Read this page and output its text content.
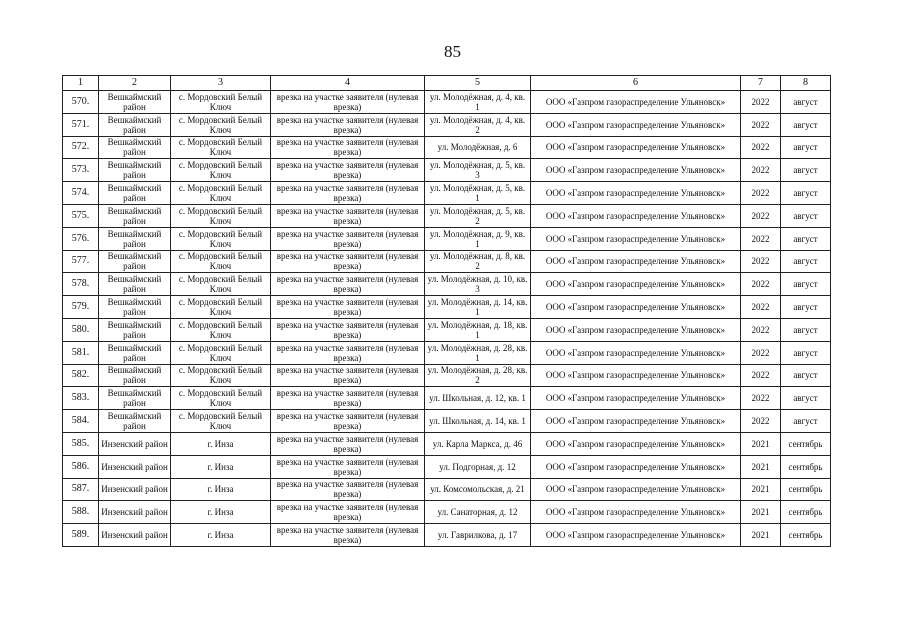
85
1	2	3	4	5	6	7	8
570.	Вешкаймский район	с. Мордовский Белый Ключ	врезка на участке заявителя (нулевая врезка)	ул. Молодёжная, д. 4, кв. 1	ООО «Газпром газораспределение Ульяновск»	2022	август
571.	Вешкаймский район	с. Мордовский Белый Ключ	врезка на участке заявителя (нулевая врезка)	ул. Молодёжная, д. 4, кв. 2	ООО «Газпром газораспределение Ульяновск»	2022	август
572.	Вешкаймский район	с. Мордовский Белый Ключ	врезка на участке заявителя (нулевая врезка)	ул. Молодёжная, д. 6	ООО «Газпром газораспределение Ульяновск»	2022	август
573.	Вешкаймский район	с. Мордовский Белый Ключ	врезка на участке заявителя (нулевая врезка)	ул. Молодёжная, д. 5, кв. 3	ООО «Газпром газораспределение Ульяновск»	2022	август
574.	Вешкаймский район	с. Мордовский Белый Ключ	врезка на участке заявителя (нулевая врезка)	ул. Молодёжная, д. 5, кв. 1	ООО «Газпром газораспределение Ульяновск»	2022	август
575.	Вешкаймский район	с. Мордовский Белый Ключ	врезка на участке заявителя (нулевая врезка)	ул. Молодёжная, д. 5, кв. 2	ООО «Газпром газораспределение Ульяновск»	2022	август
576.	Вешкаймский район	с. Мордовский Белый Ключ	врезка на участке заявителя (нулевая врезка)	ул. Молодёжная, д. 9, кв. 1	ООО «Газпром газораспределение Ульяновск»	2022	август
577.	Вешкаймский район	с. Мордовский Белый Ключ	врезка на участке заявителя (нулевая врезка)	ул. Молодёжная, д. 8, кв. 2	ООО «Газпром газораспределение Ульяновск»	2022	август
578.	Вешкаймский район	с. Мордовский Белый Ключ	врезка на участке заявителя (нулевая врезка)	ул. Молодёжная, д. 10, кв. 3	ООО «Газпром газораспределение Ульяновск»	2022	август
579.	Вешкаймский район	с. Мордовский Белый Ключ	врезка на участке заявителя (нулевая врезка)	ул. Молодёжная, д. 14, кв. 1	ООО «Газпром газораспределение Ульяновск»	2022	август
580.	Вешкаймский район	с. Мордовский Белый Ключ	врезка на участке заявителя (нулевая врезка)	ул. Молодёжная, д. 18, кв. 1	ООО «Газпром газораспределение Ульяновск»	2022	август
581.	Вешкаймский район	с. Мордовский Белый Ключ	врезка на участке заявителя (нулевая врезка)	ул. Молодёжная, д. 28, кв. 1	ООО «Газпром газораспределение Ульяновск»	2022	август
582.	Вешкаймский район	с. Мордовский Белый Ключ	врезка на участке заявителя (нулевая врезка)	ул. Молодёжная, д. 28, кв. 2	ООО «Газпром газораспределение Ульяновск»	2022	август
583.	Вешкаймский район	с. Мордовский Белый Ключ	врезка на участке заявителя (нулевая врезка)	ул. Школьная, д. 12, кв. 1	ООО «Газпром газораспределение Ульяновск»	2022	август
584.	Вешкаймский район	с. Мордовский Белый Ключ	врезка на участке заявителя (нулевая врезка)	ул. Школьная, д. 14, кв. 1	ООО «Газпром газораспределение Ульяновск»	2022	август
585.	Инзенский район	г. Инза	врезка на участке заявителя (нулевая врезка)	ул. Карла Маркса, д. 46	ООО «Газпром газораспределение Ульяновск»	2021	сентябрь
586.	Инзенский район	г. Инза	врезка на участке заявителя (нулевая врезка)	ул. Подгорная, д. 12	ООО «Газпром газораспределение Ульяновск»	2021	сентябрь
587.	Инзенский район	г. Инза	врезка на участке заявителя (нулевая врезка)	ул. Комсомольская, д. 21	ООО «Газпром газораспределение Ульяновск»	2021	сентябрь
588.	Инзенский район	г. Инза	врезка на участке заявителя (нулевая врезка)	ул. Санаторная, д. 12	ООО «Газпром газораспределение Ульяновск»	2021	сентябрь
589.	Инзенский район	г. Инза	врезка на участке заявителя (нулевая врезка)	ул. Гаврилкова, д. 17	ООО «Газпром газораспределение Ульяновск»	2021	сентябрь
